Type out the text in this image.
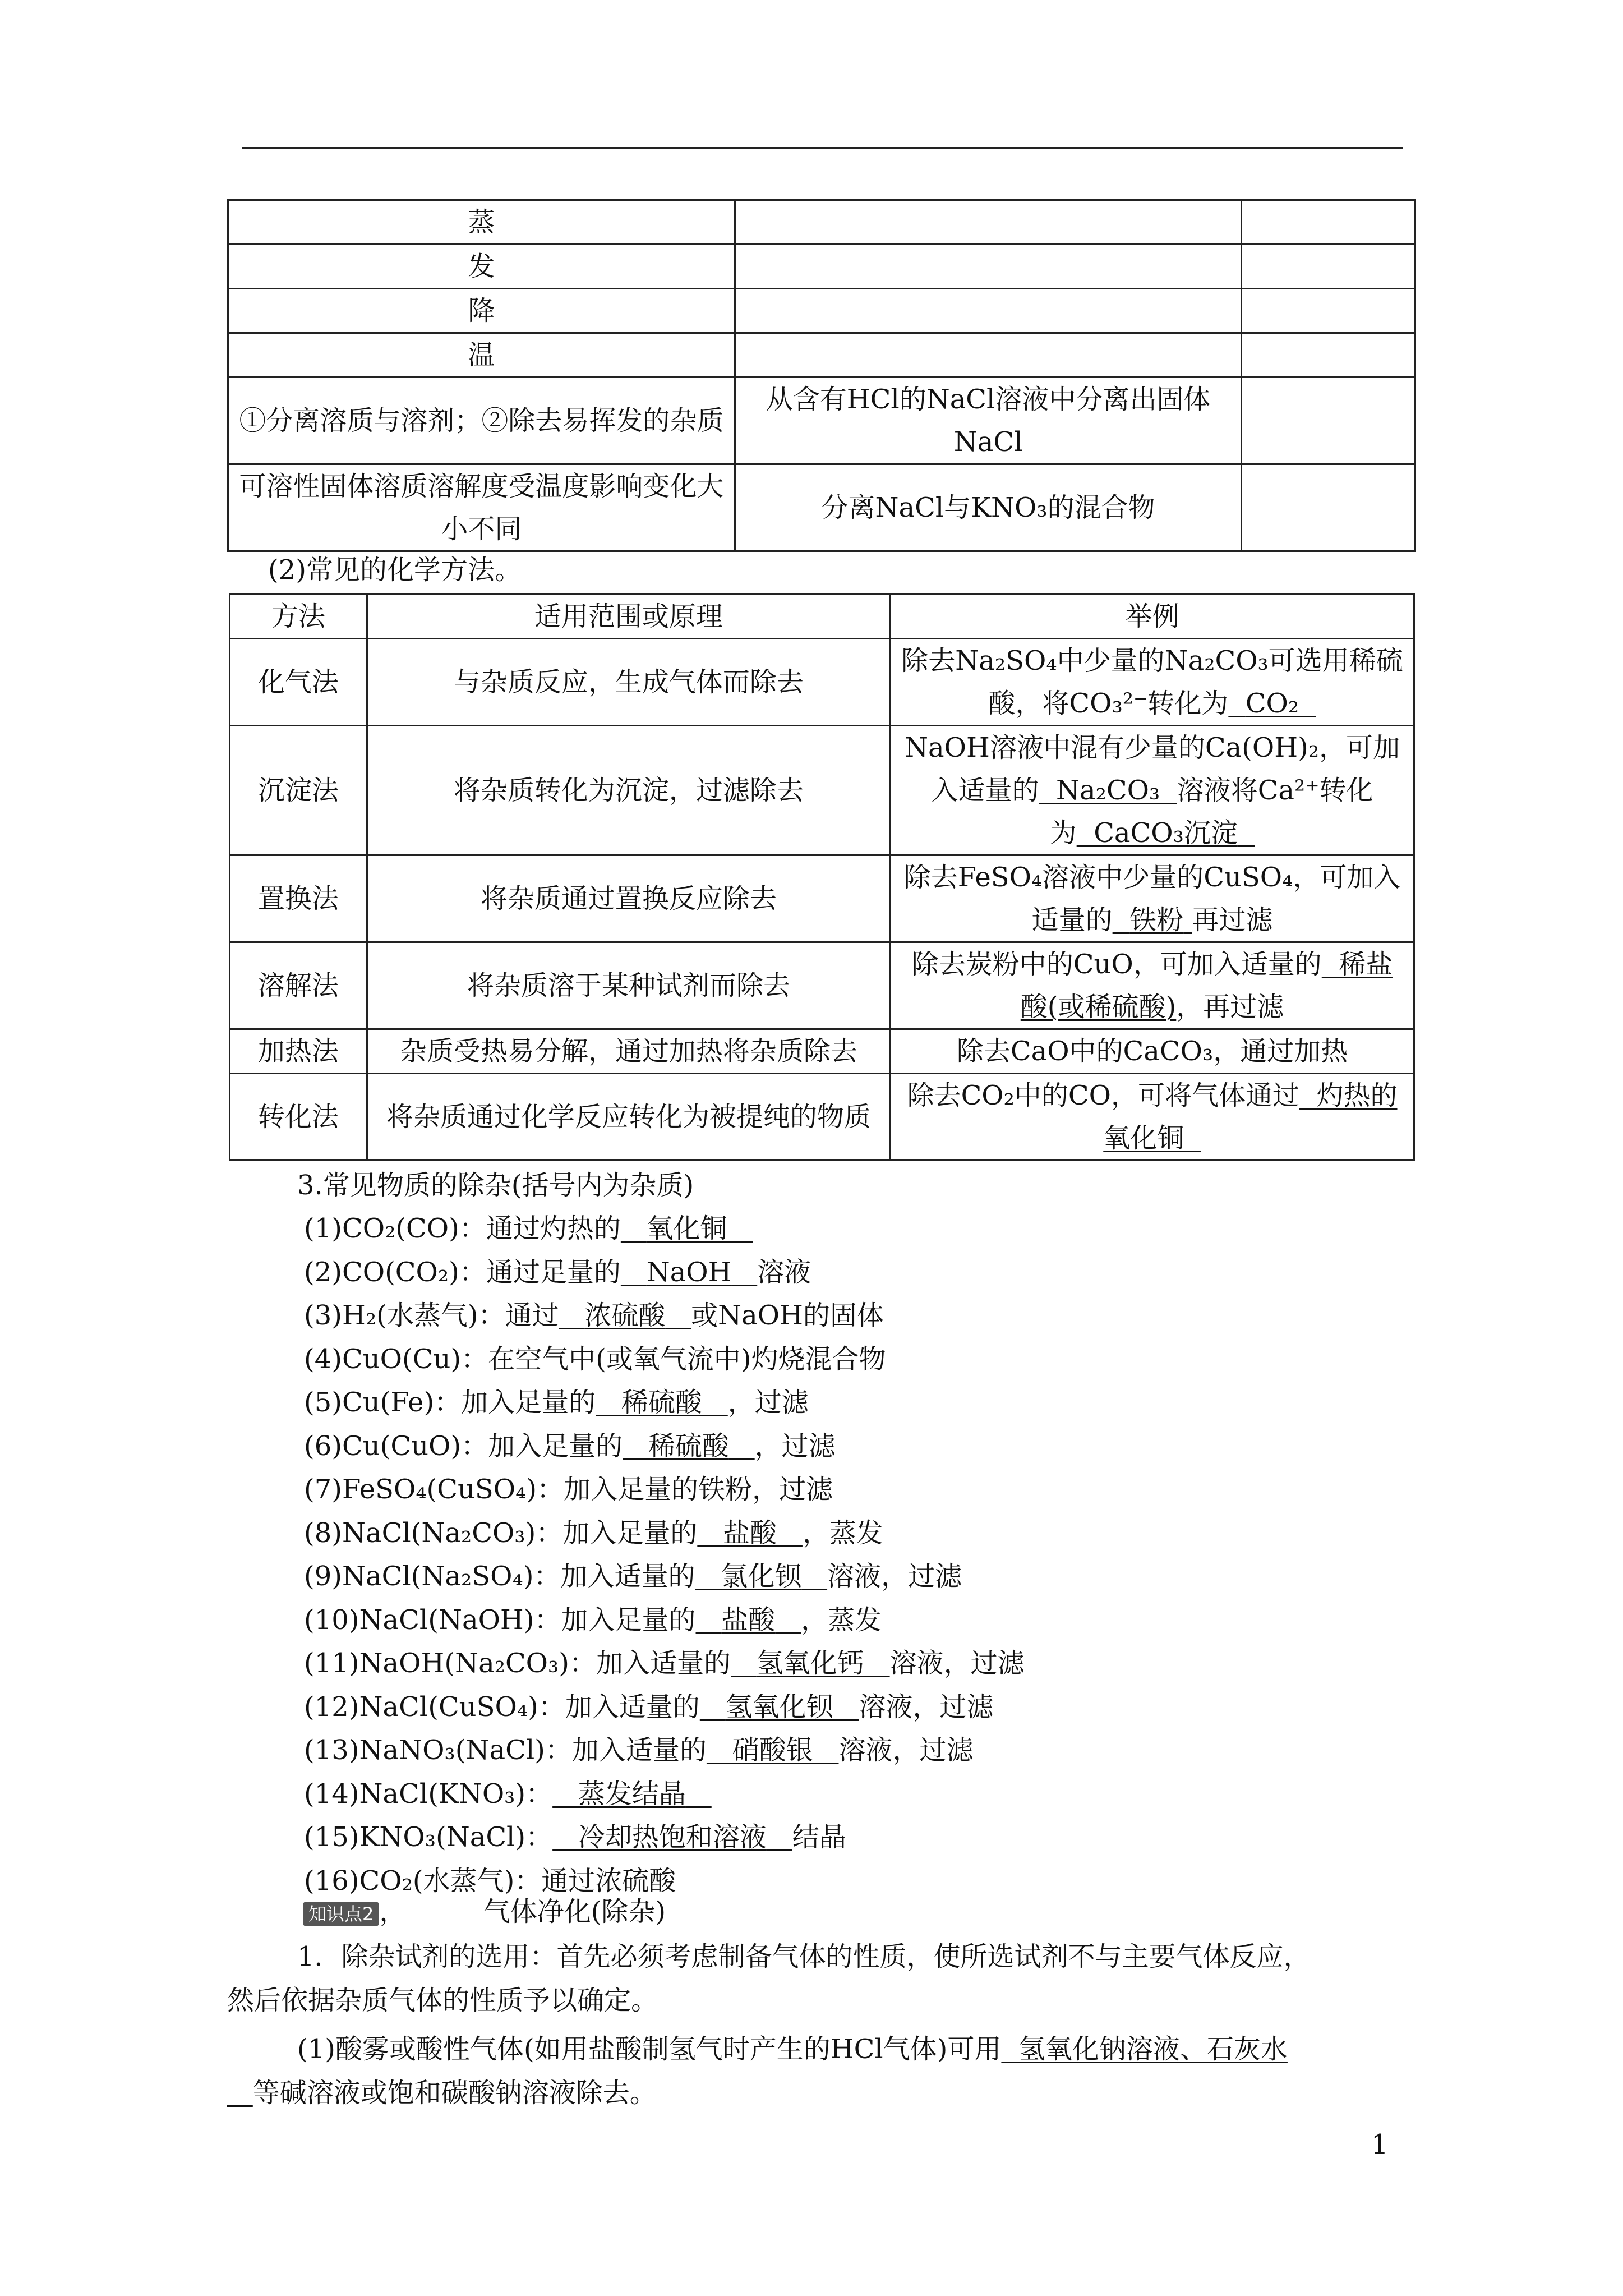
蒸		
发		
降		
温		
①分离溶质与溶剂；②除去易挥发的杂质	从含有HCl的NaCl溶液中分离出固体NaCl	
可溶性固体溶质溶解度受温度影响变化大小不同	分离NaCl与KNO₃的混合物	
(2)常见的化学方法。
方法	适用范围或原理	举例
化气法	与杂质反应，生成气体而除去	除去Na₂SO₄中少量的Na₂CO₃可选用稀硫酸，将CO₃²⁻转化为 CO₂
沉淀法	将杂质转化为沉淀，过滤除去	NaOH溶液中混有少量的Ca(OH)₂，可加入适量的 Na₂CO₃ 溶液将Ca²⁺转化为 CaCO₃沉淀
置换法	将杂质通过置换反应除去	除去FeSO₄溶液中少量的CuSO₄，可加入适量的 铁粉 再过滤
溶解法	将杂质溶于某种试剂而除去	除去炭粉中的CuO，可加入适量的 稀盐酸(或稀硫酸)，再过滤
加热法	杂质受热易分解，通过加热将杂质除去	除去CaO中的CaCO₃，通过加热
转化法	将杂质通过化学反应转化为被提纯的物质	除去CO₂中的CO，可将气体通过 灼热的氧化铜
3.常见物质的除杂(括号内为杂质)
(1)CO₂(CO)：通过灼热的 氧化铜
(2)CO(CO₂)：通过足量的 NaOH 溶液
(3)H₂(水蒸气)：通过 浓硫酸 或NaOH的固体
(4)CuO(Cu)：在空气中(或氧气流中)灼烧混合物
(5)Cu(Fe)：加入足量的 稀硫酸 ，过滤
(6)Cu(CuO)：加入足量的 稀硫酸 ，过滤
(7)FeSO₄(CuSO₄)：加入足量的铁粉，过滤
(8)NaCl(Na₂CO₃)：加入足量的 盐酸 ，蒸发
(9)NaCl(Na₂SO₄)：加入适量的 氯化钡 溶液，过滤
(10)NaCl(NaOH)：加入足量的 盐酸 ，蒸发
(11)NaOH(Na₂CO₃)：加入适量的 氢氧化钙 溶液，过滤
(12)NaCl(CuSO₄)：加入适量的 氢氧化钡 溶液，过滤
(13)NaNO₃(NaCl)：加入适量的 硝酸银 溶液，过滤
(14)NaCl(KNO₃)： 蒸发结晶
(15)KNO₃(NaCl)： 冷却热饱和溶液 结晶
(16)CO₂(水蒸气)：通过浓硫酸
知识点2 ，         气体净化(除杂)
1．除杂试剂的选用：首先必须考虑制备气体的性质，使所选试剂不与主要气体反应，
然后依据杂质气体的性质予以确定。
(1)酸雾或酸性气体(如用盐酸制氢气时产生的HCl气体)可用 氢氧化钠溶液、石灰水
等碱溶液或饱和碳酸钠溶液除去。
1
